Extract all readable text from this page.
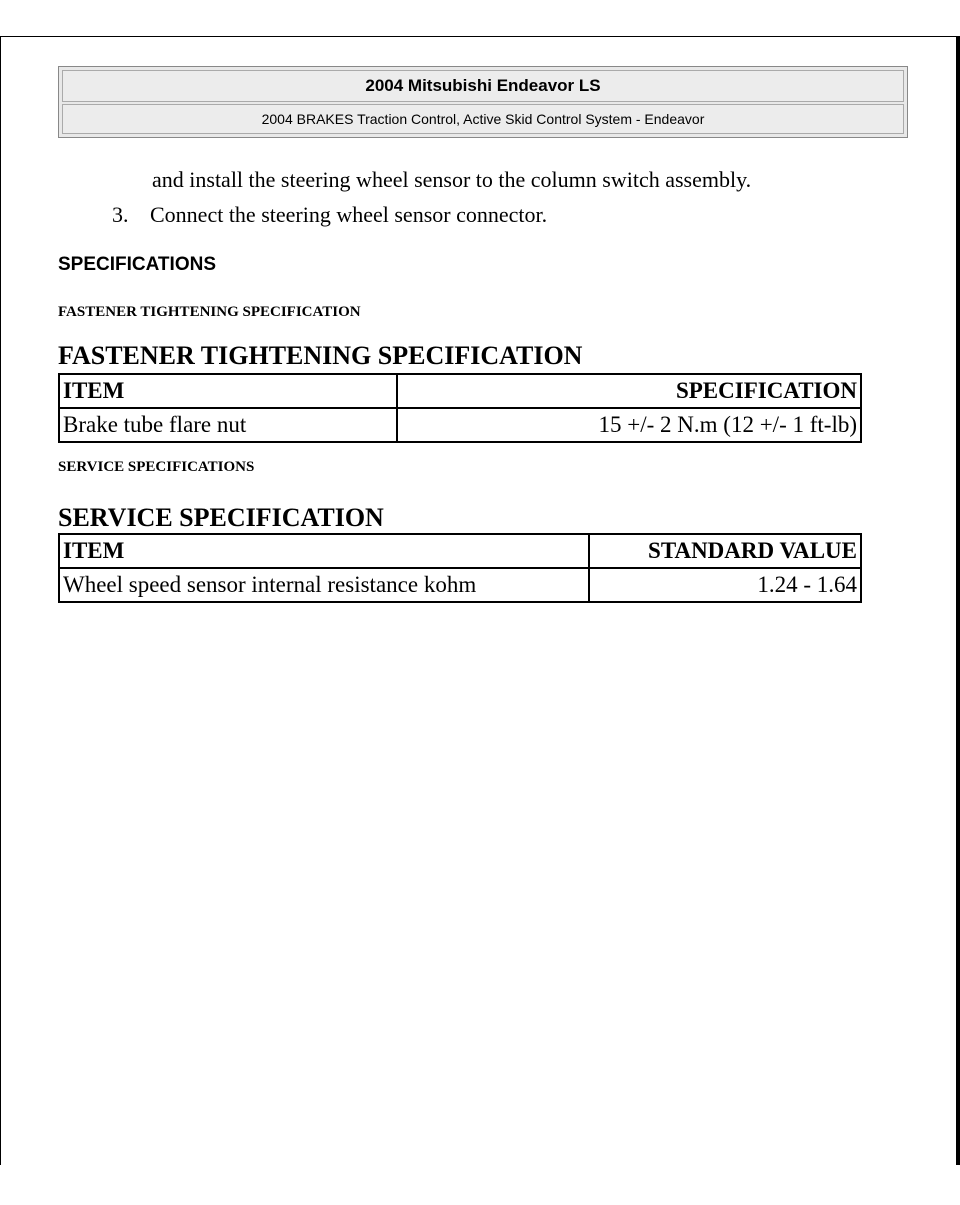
2004 Mitsubishi Endeavor LS
2004 BRAKES Traction Control, Active Skid Control System - Endeavor
and install the steering wheel sensor to the column switch assembly.
3. Connect the steering wheel sensor connector.
SPECIFICATIONS
FASTENER TIGHTENING SPECIFICATION
FASTENER TIGHTENING SPECIFICATION
ITEM	SPECIFICATION
Brake tube flare nut	15 +/- 2 N.m (12 +/- 1 ft-lb)
SERVICE SPECIFICATIONS
SERVICE SPECIFICATION
ITEM	STANDARD VALUE
Wheel speed sensor internal resistance kohm	1.24 - 1.64
